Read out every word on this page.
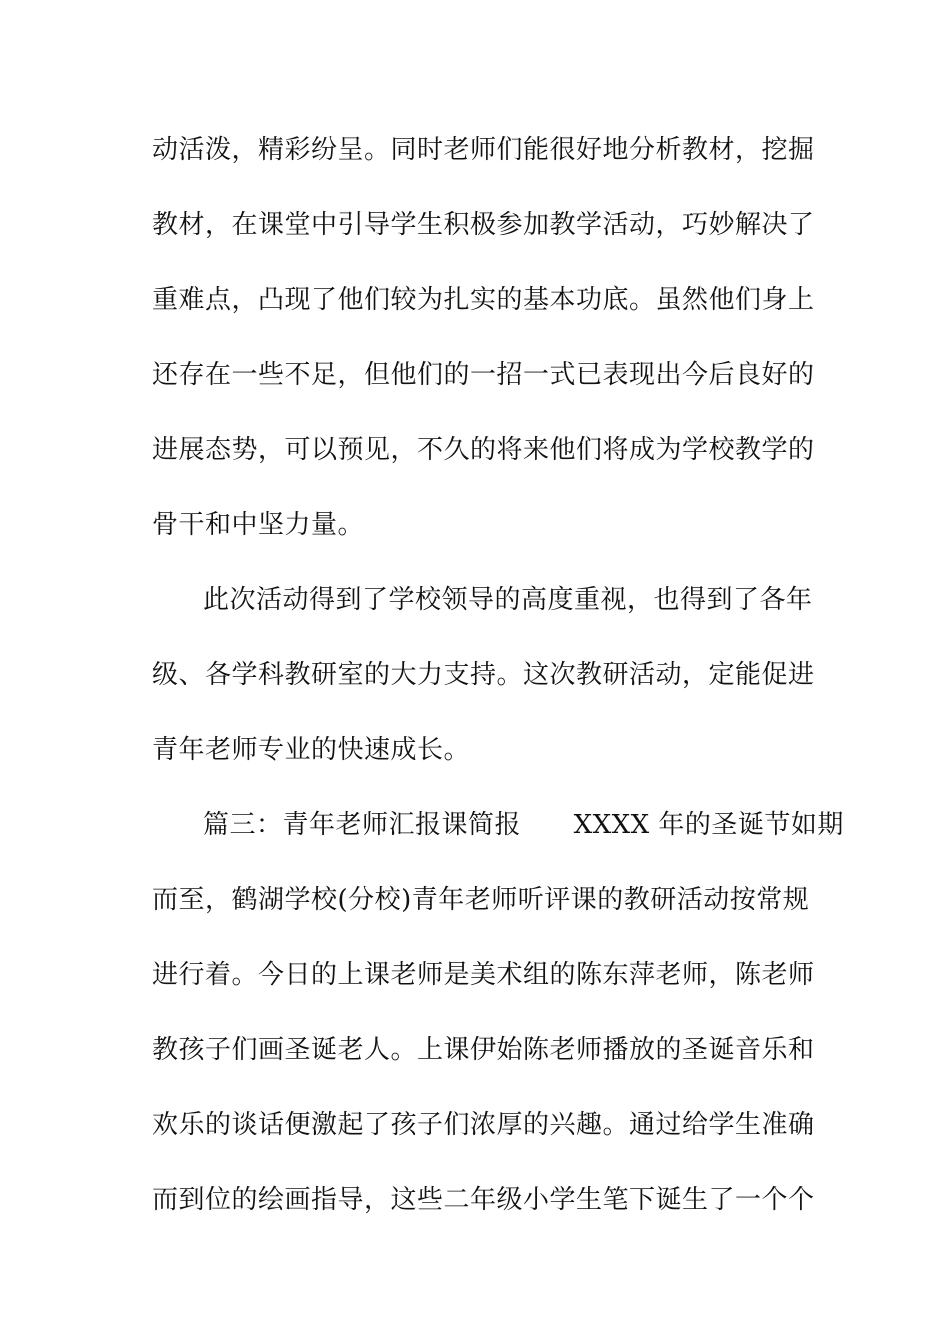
动活泼，精彩纷呈。同时老师们能很好地分析教材，挖掘
教材，在课堂中引导学生积极参加教学活动，巧妙解决了
重难点，凸现了他们较为扎实的基本功底。虽然他们身上
还存在一些不足，但他们的一招一式已表现出今后良好的
进展态势，可以预见，不久的将来他们将成为学校教学的
骨干和中坚力量。
此次活动得到了学校领导的高度重视，也得到了各年
级、各学科教研室的大力支持。这次教研活动，定能促进
青年老师专业的快速成长。
篇三：青年老师汇报课简报      XXXX 年的圣诞节如期
而至，鹤湖学校(分校)青年老师听评课的教研活动按常规
进行着。今日的上课老师是美术组的陈东萍老师，陈老师
教孩子们画圣诞老人。上课伊始陈老师播放的圣诞音乐和
欢乐的谈话便激起了孩子们浓厚的兴趣。通过给学生准确
而到位的绘画指导，这些二年级小学生笔下诞生了一个个
